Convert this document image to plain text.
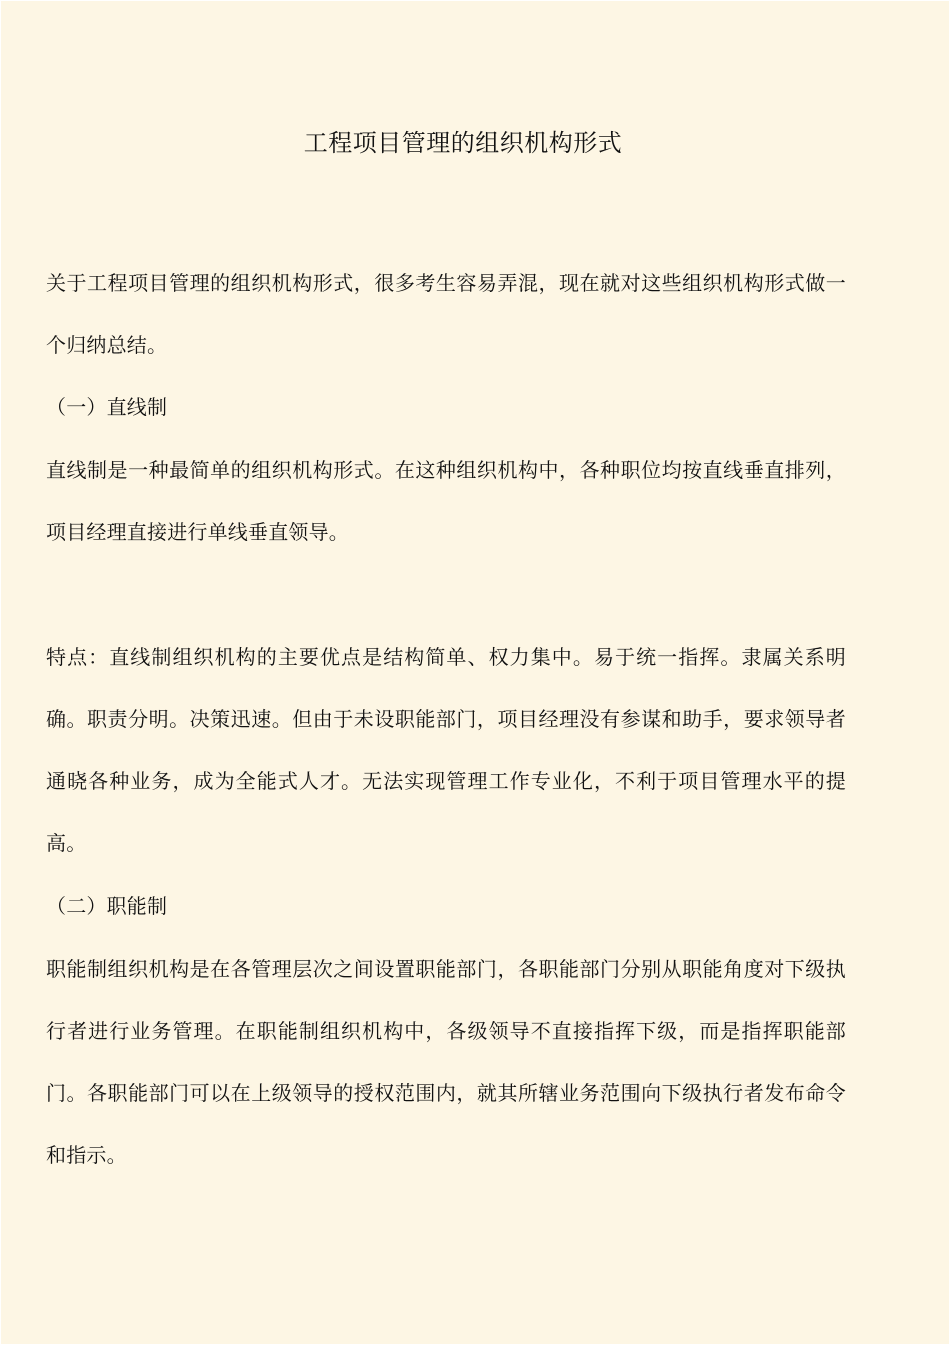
工程项目管理的组织机构形式

关于工程项目管理的组织机构形式，很多考生容易弄混，现在就对这些组织机构形式做一个归纳总结。

（一）直线制

直线制是一种最简单的组织机构形式。在这种组织机构中，各种职位均按直线垂直排列，项目经理直接进行单线垂直领导。

特点：直线制组织机构的主要优点是结构简单、权力集中。易于统一指挥。隶属关系明确。职责分明。决策迅速。但由于未设职能部门，项目经理没有参谋和助手，要求领导者通晓各种业务，成为全能式人才。无法实现管理工作专业化，不利于项目管理水平的提高。

（二）职能制

职能制组织机构是在各管理层次之间设置职能部门，各职能部门分别从职能角度对下级执行者进行业务管理。在职能制组织机构中，各级领导不直接指挥下级，而是指挥职能部门。各职能部门可以在上级领导的授权范围内，就其所辖业务范围向下级执行者发布命令和指示。
